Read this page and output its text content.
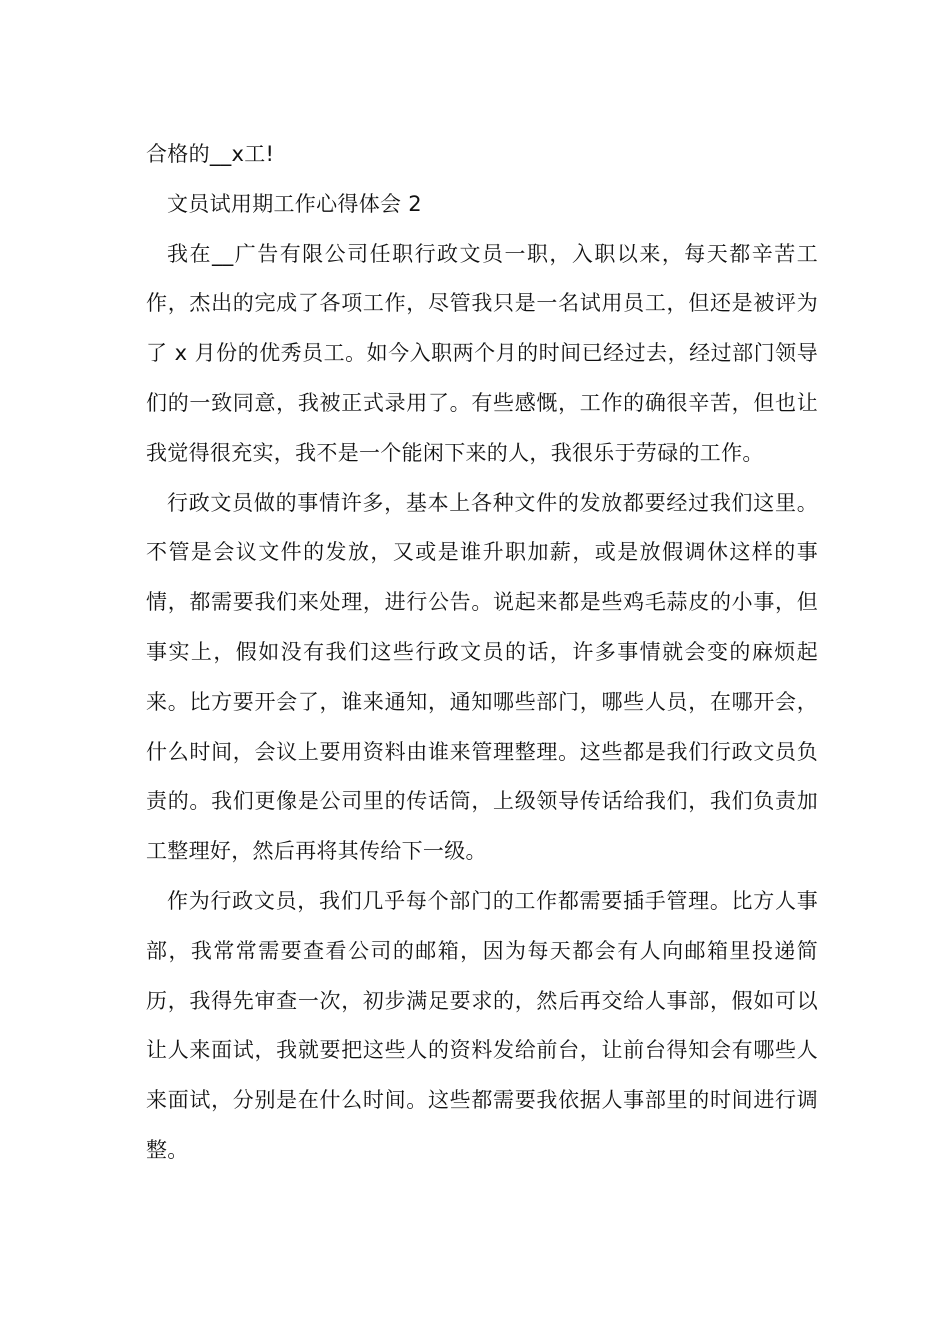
合格的__x工!

文员试用期工作心得体会 2

我在__广告有限公司任职行政文员一职，入职以来，每天都辛苦工作，杰出的完成了各项工作，尽管我只是一名试用员工，但还是被评为了 x 月份的优秀员工。如今入职两个月的时间已经过去，经过部门领导们的一致同意，我被正式录用了。有些感慨，工作的确很辛苦，但也让我觉得很充实，我不是一个能闲下来的人，我很乐于劳碌的工作。

行政文员做的事情许多，基本上各种文件的发放都要经过我们这里。不管是会议文件的发放，又或是谁升职加薪，或是放假调休这样的事情，都需要我们来处理，进行公告。说起来都是些鸡毛蒜皮的小事，但事实上，假如没有我们这些行政文员的话，许多事情就会变的麻烦起来。比方要开会了，谁来通知，通知哪些部门，哪些人员，在哪开会，什么时间，会议上要用资料由谁来管理整理。这些都是我们行政文员负责的。我们更像是公司里的传话筒，上级领导传话给我们，我们负责加工整理好，然后再将其传给下一级。

作为行政文员，我们几乎每个部门的工作都需要插手管理。比方人事部，我常常需要查看公司的邮箱，因为每天都会有人向邮箱里投递简历，我得先审查一次，初步满足要求的，然后再交给人事部，假如可以让人来面试，我就要把这些人的资料发给前台，让前台得知会有哪些人来面试，分别是在什么时间。这些都需要我依据人事部里的时间进行调整。
